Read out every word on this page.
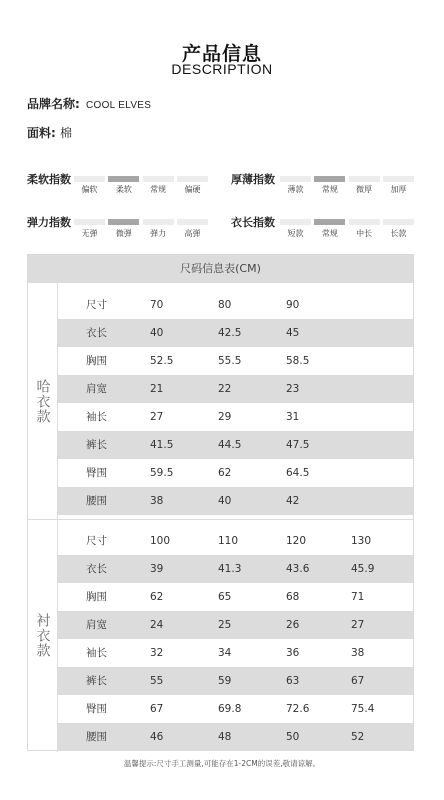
产品信息
DESCRIPTION
品牌名称: COOL ELVES
面料: 棉
柔软指数
偏软	柔软	常规	偏硬
厚薄指数
薄款	常规	微厚	加厚
弹力指数
无弹	微弹	弹力	高弹
衣长指数
短款	常规	中长	长款
尺码信息表(CM)
哈衣款
尺寸	70	80	90
衣长	40	42.5	45
胸围	52.5	55.5	58.5
肩宽	21	22	23
袖长	27	29	31
裤长	41.5	44.5	47.5
臀围	59.5	62	64.5
腰围	38	40	42
衬衣款
尺寸	100	110	120	130
衣长	39	41.3	43.6	45.9
胸围	62	65	68	71
肩宽	24	25	26	27
袖长	32	34	36	38
裤长	55	59	63	67
臀围	67	69.8	72.6	75.4
腰围	46	48	50	52
温馨提示:尺寸手工测量,可能存在1-2CM的误差,敬请谅解。
